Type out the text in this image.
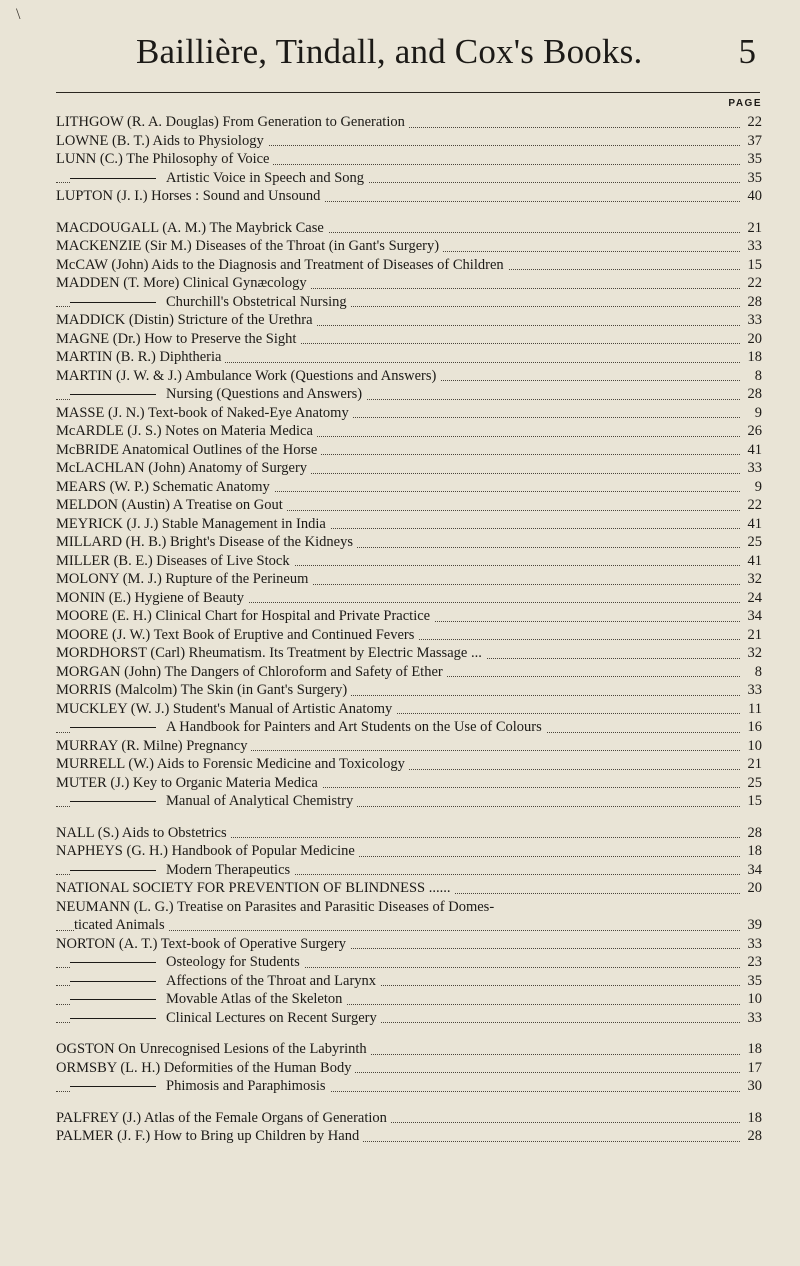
\
Baillière, Tindall, and Cox's Books.	5
PAGE
LITHGOW (R. A. Douglas) From Generation to Generation	22
LOWNE (B. T.) Aids to Physiology	37
LUNN (C.) The Philosophy of Voice	35
Artistic Voice in Speech and Song	35
LUPTON (J. I.) Horses : Sound and Unsound	40
MACDOUGALL (A. M.) The Maybrick Case	21
MACKENZIE (Sir M.) Diseases of the Throat (in Gant's Surgery)	33
McCAW (John) Aids to the Diagnosis and Treatment of Diseases of Children	15
MADDEN (T. More) Clinical Gynæcology	22
Churchill's Obstetrical Nursing	28
MADDICK (Distin) Stricture of the Urethra	33
MAGNE (Dr.) How to Preserve the Sight	20
MARTIN (B. R.) Diphtheria	18
MARTIN (J. W. & J.) Ambulance Work (Questions and Answers)	8
Nursing (Questions and Answers)	28
MASSE (J. N.) Text-book of Naked-Eye Anatomy	9
McARDLE (J. S.) Notes on Materia Medica	26
McBRIDE Anatomical Outlines of the Horse	41
McLACHLAN (John) Anatomy of Surgery	33
MEARS (W. P.) Schematic Anatomy	9
MELDON (Austin) A Treatise on Gout	22
MEYRICK (J. J.) Stable Management in India	41
MILLARD (H. B.) Bright's Disease of the Kidneys	25
MILLER (B. E.) Diseases of Live Stock	41
MOLONY (M. J.) Rupture of the Perineum	32
MONIN (E.) Hygiene of Beauty	24
MOORE (E. H.) Clinical Chart for Hospital and Private Practice	34
MOORE (J. W.) Text Book of Eruptive and Continued Fevers	21
MORDHORST (Carl) Rheumatism. Its Treatment by Electric Massage ...	32
MORGAN (John) The Dangers of Chloroform and Safety of Ether	8
MORRIS (Malcolm) The Skin (in Gant's Surgery)	33
MUCKLEY (W. J.) Student's Manual of Artistic Anatomy	11
A Handbook for Painters and Art Students on the Use of Colours	16
MURRAY (R. Milne) Pregnancy	10
MURRELL (W.) Aids to Forensic Medicine and Toxicology	21
MUTER (J.) Key to Organic Materia Medica	25
Manual of Analytical Chemistry	15
NALL (S.) Aids to Obstetrics	28
NAPHEYS (G. H.) Handbook of Popular Medicine	18
Modern Therapeutics	34
NATIONAL SOCIETY FOR PREVENTION OF BLINDNESS ......	20
NEUMANN (L. G.) Treatise on Parasites and Parasitic Diseases of Domes-
ticated Animals	39
NORTON (A. T.) Text-book of Operative Surgery	33
Osteology for Students	23
Affections of the Throat and Larynx	35
Movable Atlas of the Skeleton	10
Clinical Lectures on Recent Surgery	33
OGSTON On Unrecognised Lesions of the Labyrinth	18
ORMSBY (L. H.) Deformities of the Human Body	17
Phimosis and Paraphimosis	30
PALFREY (J.) Atlas of the Female Organs of Generation	18
PALMER (J. F.) How to Bring up Children by Hand	28
